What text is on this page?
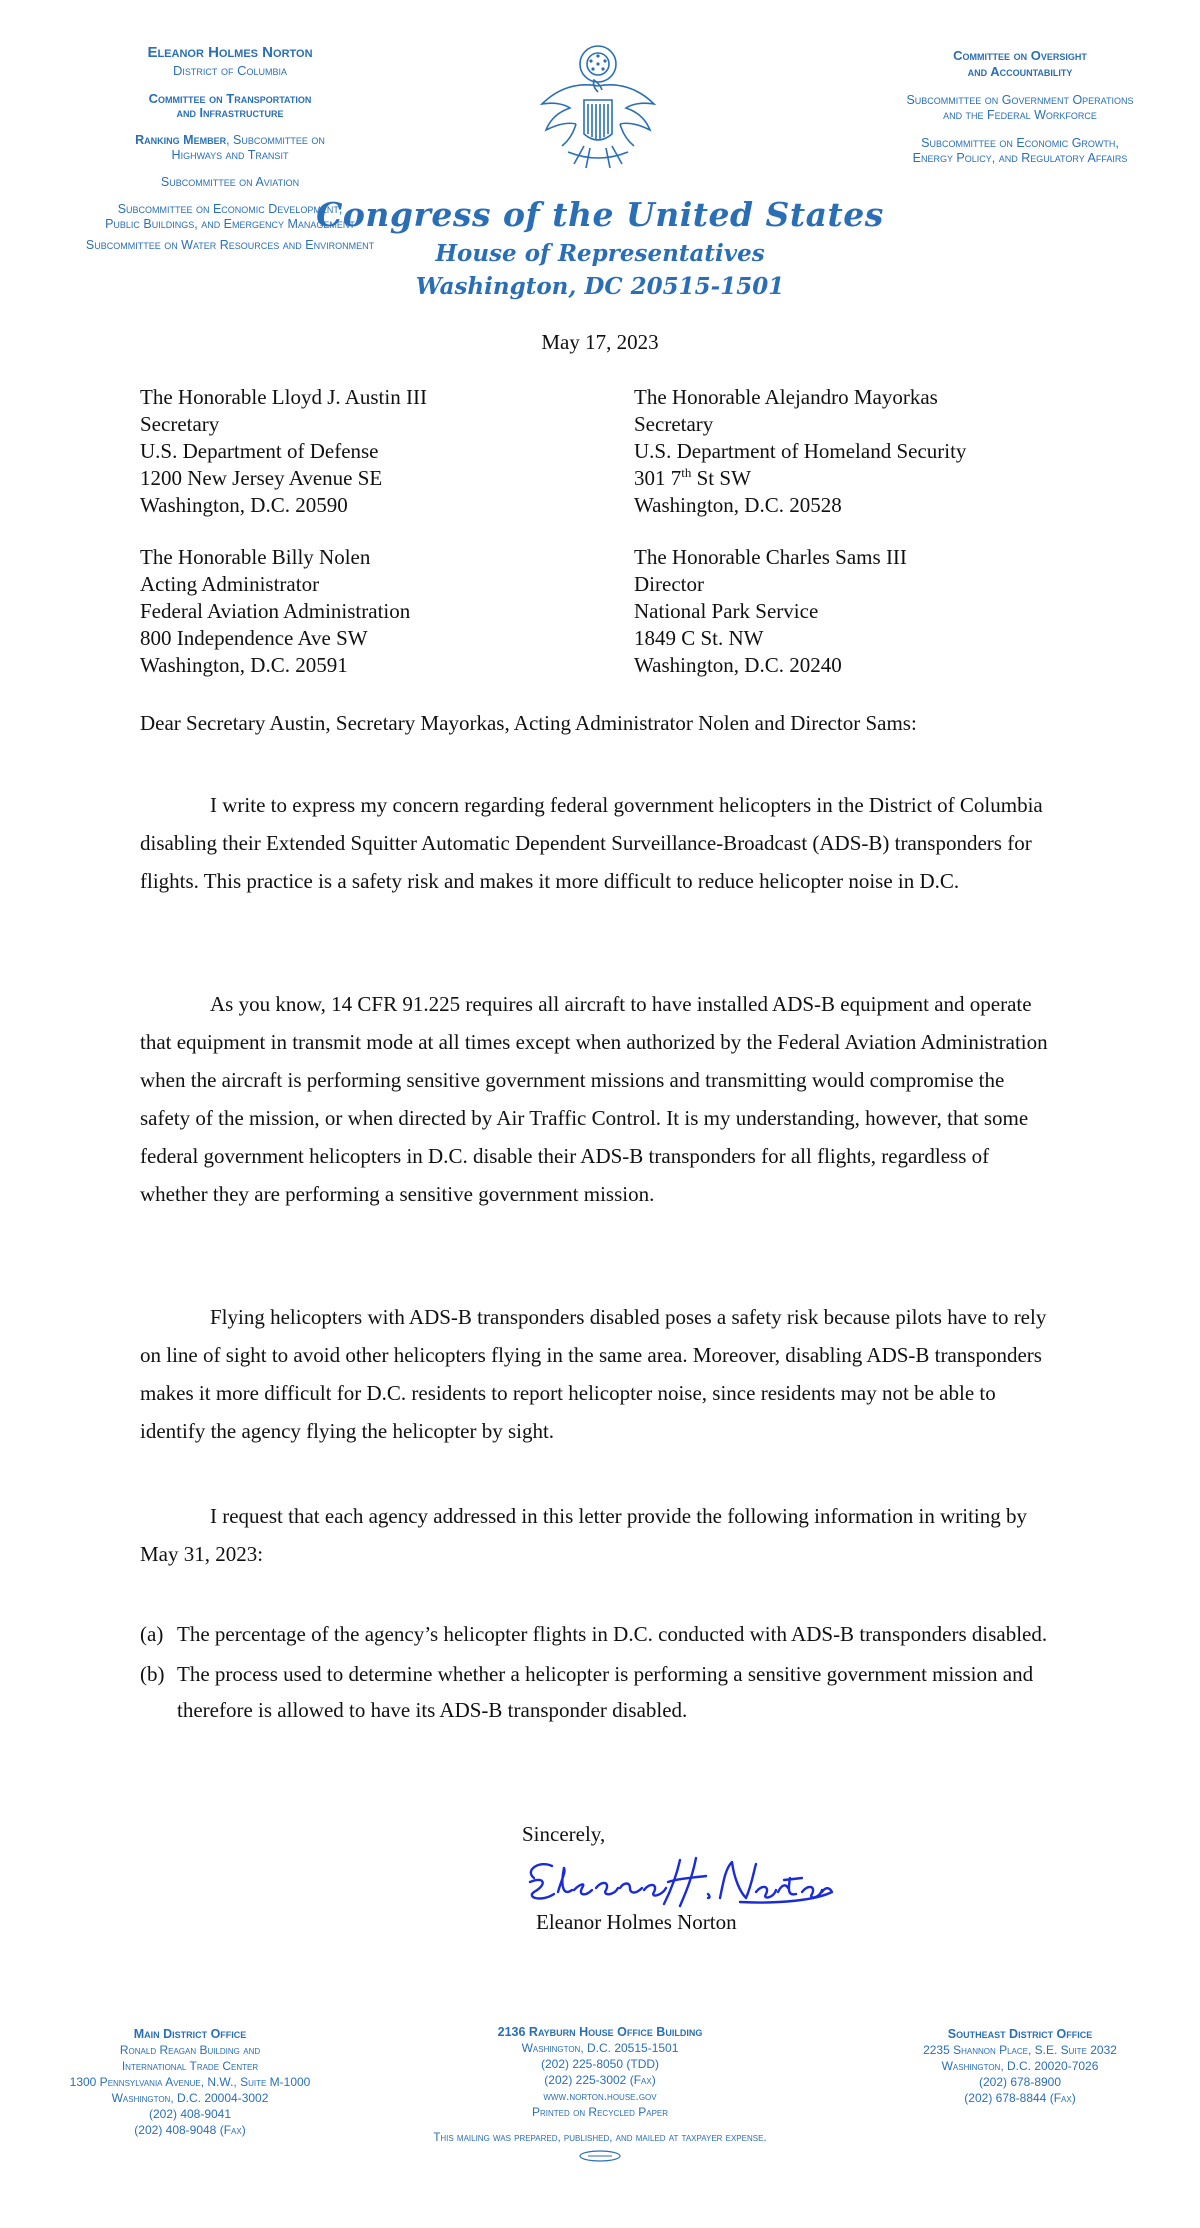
Eleanor Holmes Norton
District of Columbia
Committee on Transportation
and Infrastructure
Ranking Member, Subcommittee on
Highways and Transit
Subcommittee on Aviation
Subcommittee on Economic Development,
Public Buildings, and Emergency Management
Subcommittee on Water Resources and Environment
Committee on Oversight
and Accountability
Subcommittee on Government Operations
and the Federal Workforce
Subcommittee on Economic Growth,
Energy Policy, and Regulatory Affairs
Congress of the United States
House of Representatives
Washington, DC 20515-1501
May 17, 2023
The Honorable Lloyd J. Austin III
Secretary
U.S. Department of Defense
1200 New Jersey Avenue SE
Washington, D.C. 20590
The Honorable Alejandro Mayorkas
Secretary
U.S. Department of Homeland Security
301 7th St SW
Washington, D.C. 20528
The Honorable Billy Nolen
Acting Administrator
Federal Aviation Administration
800 Independence Ave SW
Washington, D.C. 20591
The Honorable Charles Sams III
Director
National Park Service
1849 C St. NW
Washington, D.C. 20240
Dear Secretary Austin, Secretary Mayorkas, Acting Administrator Nolen and Director Sams:
I write to express my concern regarding federal government helicopters in the District of Columbia disabling their Extended Squitter Automatic Dependent Surveillance-Broadcast (ADS-B) transponders for flights. This practice is a safety risk and makes it more difficult to reduce helicopter noise in D.C.
As you know, 14 CFR 91.225 requires all aircraft to have installed ADS-B equipment and operate that equipment in transmit mode at all times except when authorized by the Federal Aviation Administration when the aircraft is performing sensitive government missions and transmitting would compromise the safety of the mission, or when directed by Air Traffic Control. It is my understanding, however, that some federal government helicopters in D.C. disable their ADS-B transponders for all flights, regardless of whether they are performing a sensitive government mission.
Flying helicopters with ADS-B transponders disabled poses a safety risk because pilots have to rely on line of sight to avoid other helicopters flying in the same area. Moreover, disabling ADS-B transponders makes it more difficult for D.C. residents to report helicopter noise, since residents may not be able to identify the agency flying the helicopter by sight.
I request that each agency addressed in this letter provide the following information in writing by May 31, 2023:
(a) The percentage of the agency’s helicopter flights in D.C. conducted with ADS-B transponders disabled.
(b) The process used to determine whether a helicopter is performing a sensitive government mission and therefore is allowed to have its ADS-B transponder disabled.
Sincerely,
Eleanor Holmes Norton
Main District Office
Ronald Reagan Building and
International Trade Center
1300 Pennsylvania Avenue, N.W., Suite M-1000
Washington, D.C. 20004-3002
(202) 408-9041
(202) 408-9048 (Fax)
2136 Rayburn House Office Building
Washington, D.C. 20515-1501
(202) 225-8050 (TDD)
(202) 225-3002 (Fax)
www.norton.house.gov
Printed on Recycled Paper
Southeast District Office
2235 Shannon Place, S.E. Suite 2032
Washington, D.C. 20020-7026
(202) 678-8900
(202) 678-8844 (Fax)
This mailing was prepared, published, and mailed at taxpayer expense.
